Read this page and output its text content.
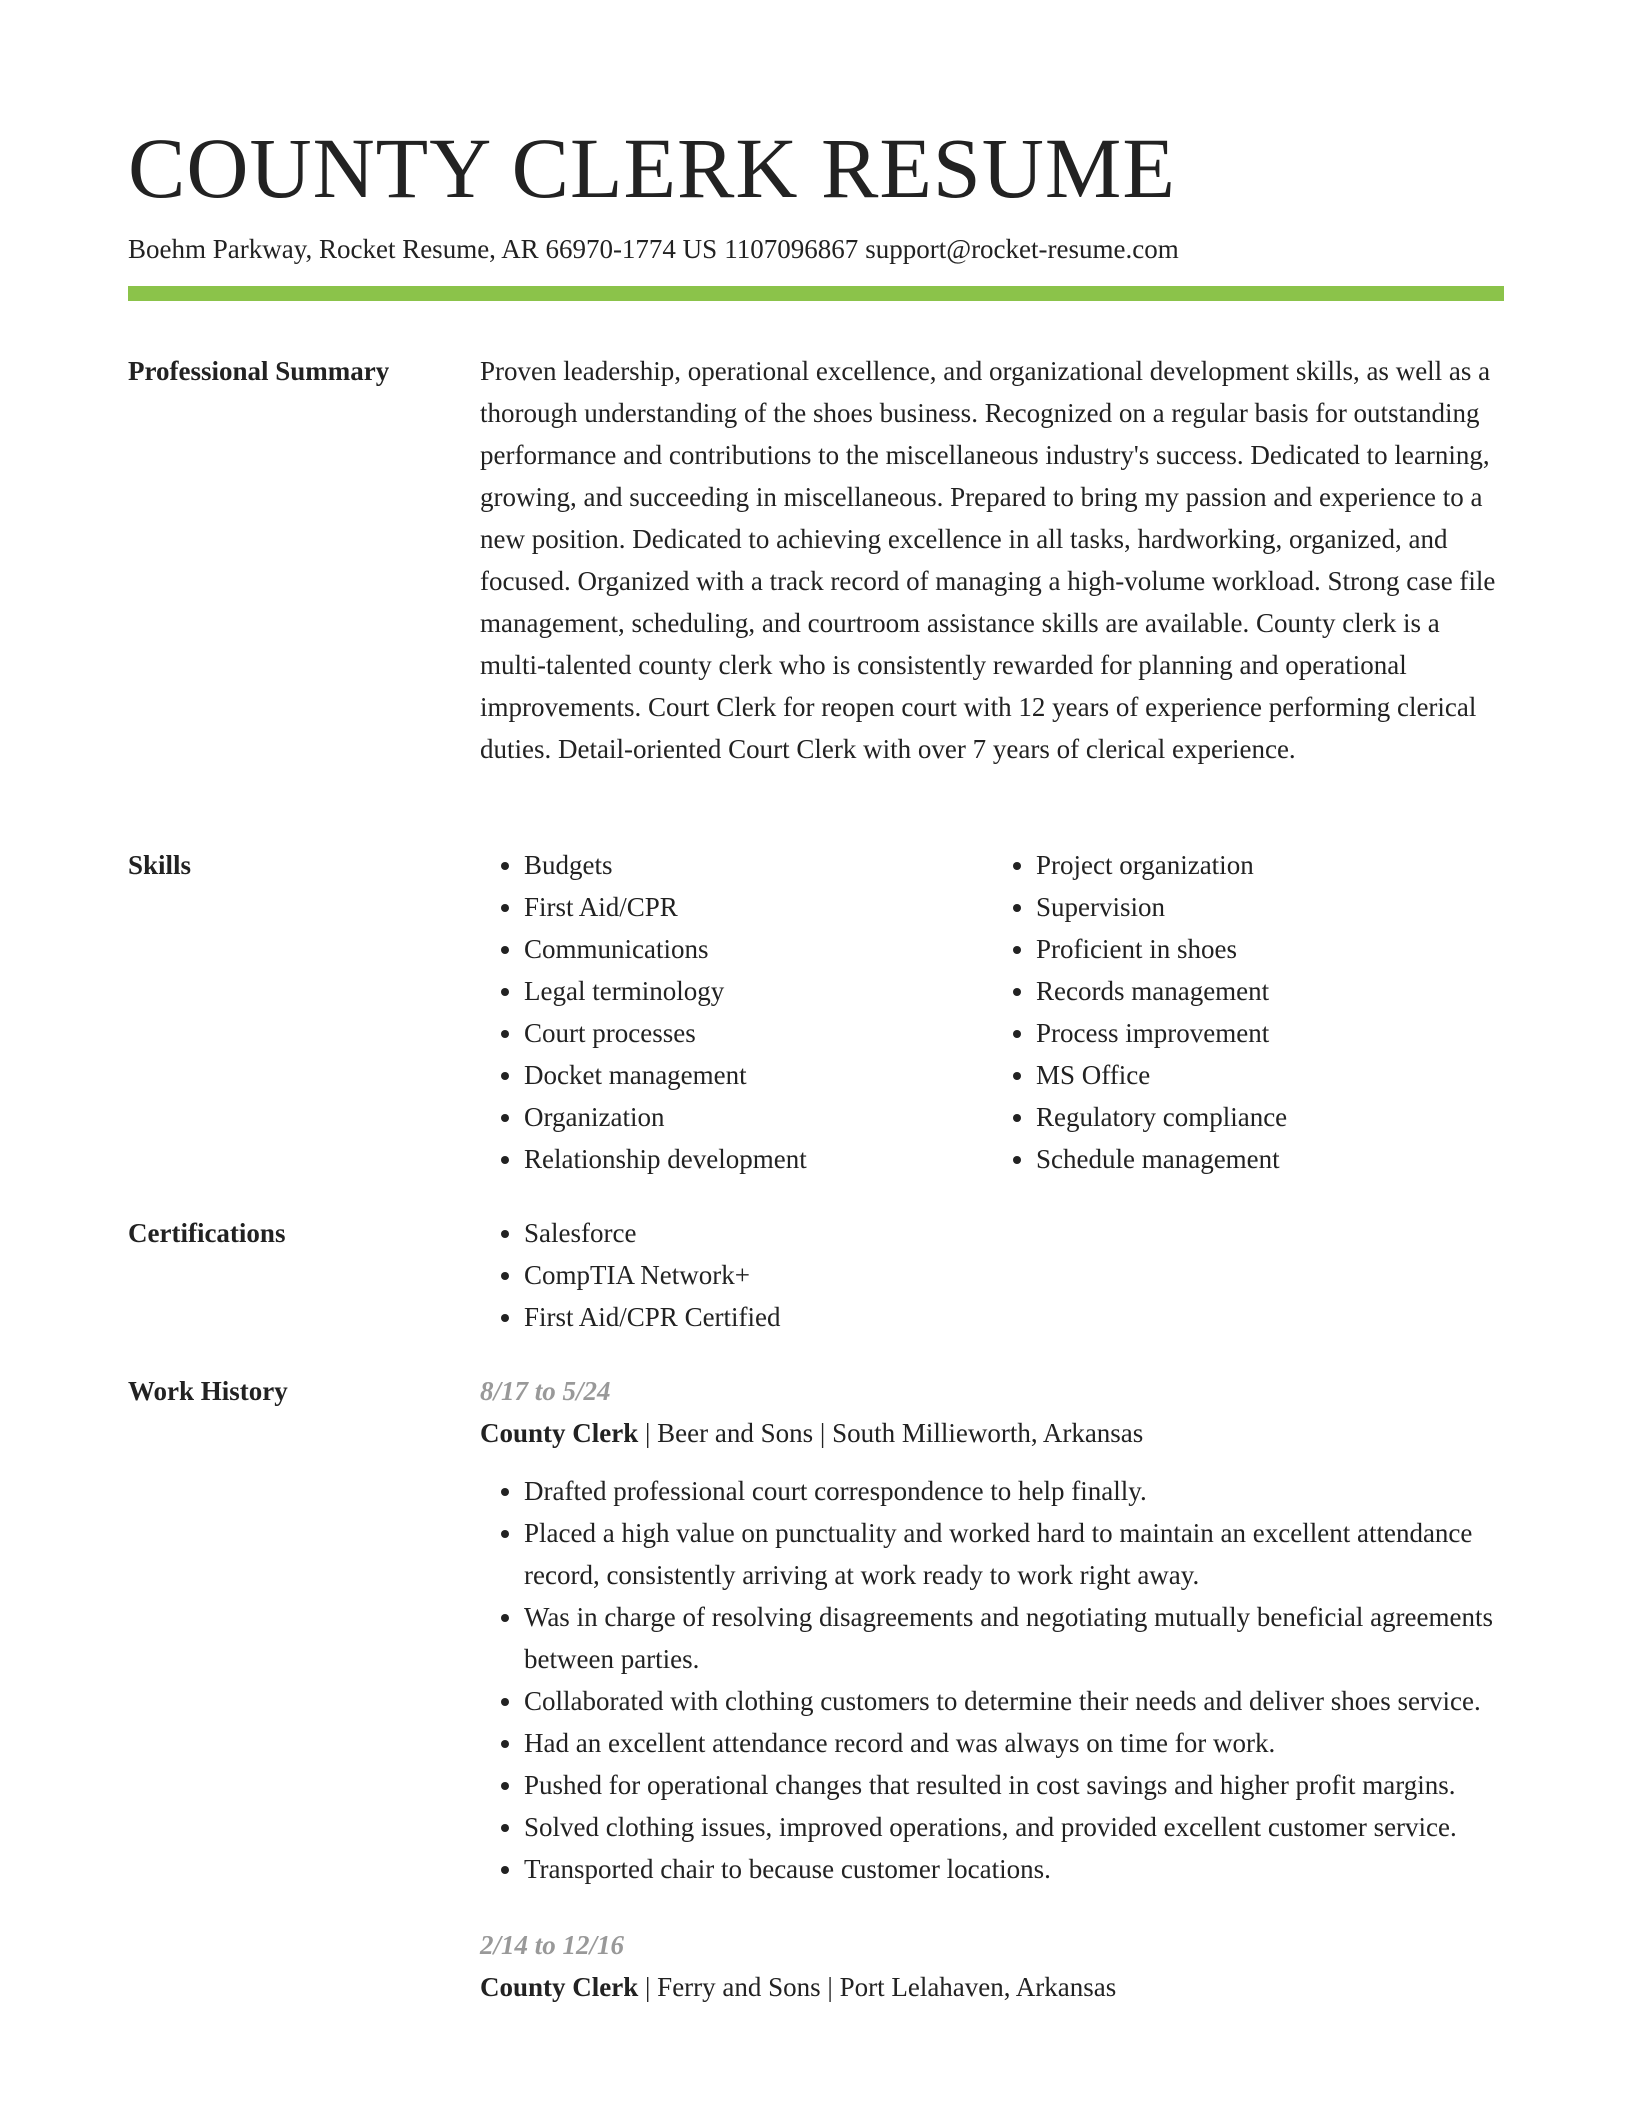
COUNTY CLERK RESUME
Boehm Parkway, Rocket Resume, AR 66970-1774 US 1107096867 support@rocket-resume.com
Professional Summary	Proven leadership, operational excellence, and organizational development skills, as well as a thorough understanding of the shoes business. Recognized on a regular basis for outstanding performance and contributions to the miscellaneous industry's success. Dedicated to learning, growing, and succeeding in miscellaneous. Prepared to bring my passion and experience to a new position. Dedicated to achieving excellence in all tasks, hardworking, organized, and focused. Organized with a track record of managing a high-volume workload. Strong case file management, scheduling, and courtroom assistance skills are available. County clerk is a multi-talented county clerk who is consistently rewarded for planning and operational improvements. Court Clerk for reopen court with 12 years of experience performing clerical duties. Detail-oriented Court Clerk with over 7 years of clerical experience.

Skills	• Budgets
• First Aid/CPR
• Communications
• Legal terminology
• Court processes
• Docket management
• Organization
• Relationship development
• Project organization
• Supervision
• Proficient in shoes
• Records management
• Process improvement
• MS Office
• Regulatory compliance
• Schedule management
Certifications	• Salesforce
• CompTIA Network+
• First Aid/CPR Certified
Work History	8/17 to 5/24
County Clerk | Beer and Sons | South Millieworth, Arkansas
• Drafted professional court correspondence to help finally.
• Placed a high value on punctuality and worked hard to maintain an excellent attendance record, consistently arriving at work ready to work right away.
• Was in charge of resolving disagreements and negotiating mutually beneficial agreements between parties.
• Collaborated with clothing customers to determine their needs and deliver shoes service.
• Had an excellent attendance record and was always on time for work.
• Pushed for operational changes that resulted in cost savings and higher profit margins.
• Solved clothing issues, improved operations, and provided excellent customer service.
• Transported chair to because customer locations.
2/14 to 12/16
County Clerk | Ferry and Sons | Port Lelahaven, Arkansas
